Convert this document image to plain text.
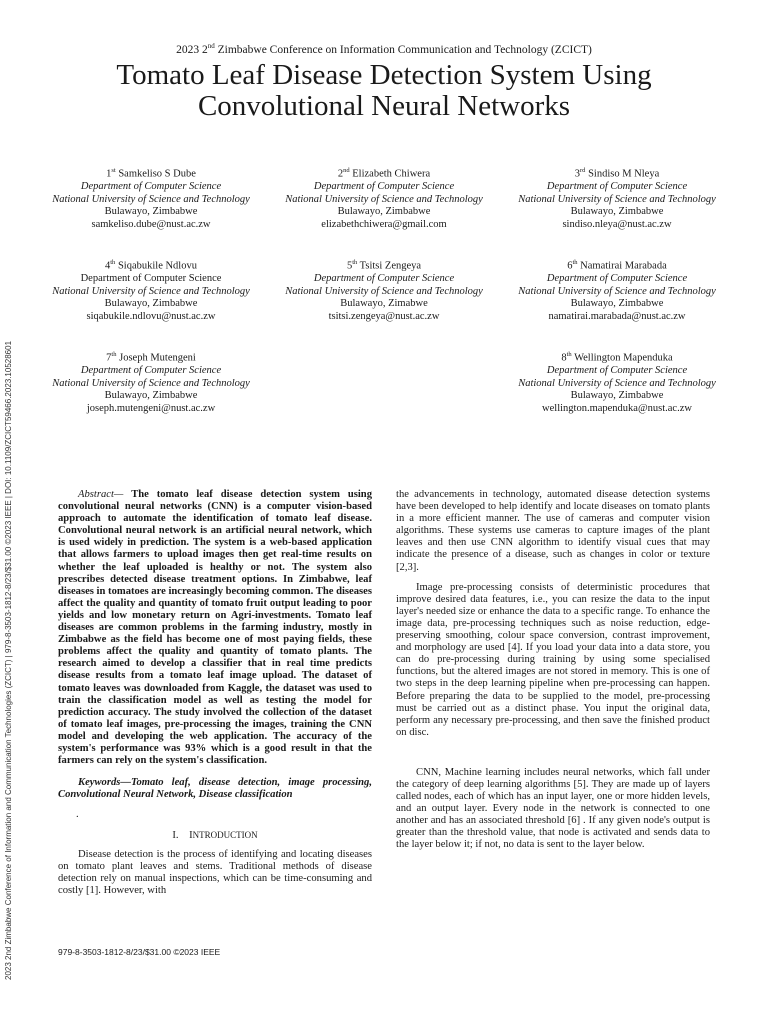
2023 2nd Zimbabwe Conference on Information Communication and Technology (ZCICT)
Tomato Leaf Disease Detection System Using Convolutional Neural Networks
2023 2nd Zimbabwe Conference of Information and Communication Technologies (ZCICT) | 979-8-3503-1812-8/23/$31.00 ©2023 IEEE | DOI: 10.1109/ZCICT59466.2023.10528601
1st Samkeliso S Dube
Department of Computer Science
National University of Science and Technology
Bulawayo, Zimbabwe
samkeliso.dube@nust.ac.zw
2nd Elizabeth Chiwera
Department of Computer Science
National University of Science and Technology
Bulawayo, Zimbabwe
elizabethchiwera@gmail.com
3rd Sindiso M Nleya
Department of Computer Science
National University of Science and Technology
Bulawayo, Zimbabwe
sindiso.nleya@nust.ac.zw
4th Siqabukile Ndlovu
Department of Computer Science
National University of Science and Technology
Bulawayo, Zimbabwe
siqabukile.ndlovu@nust.ac.zw
5th Tsitsi Zengeya
Department of Computer Science
National University of Science and Technology
Bulawayo, Zimabwe
tsitsi.zengeya@nust.ac.zw
6th Namatirai Marabada
Department of Computer Science
National University of Science and Technology
Bulawayo, Zimbabwe
namatirai.marabada@nust.ac.zw
7th Joseph Mutengeni
Department of Computer Science
National University of Science and Technology
Bulawayo, Zimbabwe
joseph.mutengeni@nust.ac.zw
8th Wellington Mapenduka
Department of Computer Science
National University of Science and Technology
Bulawayo, Zimbabwe
wellington.mapenduka@nust.ac.zw

Abstract— The tomato leaf disease detection system using convolutional neural networks (CNN) is a computer vision-based approach to automate the identification of tomato leaf disease. Convolutional neural network is an artificial neural network, which is used widely in prediction. The system is a web-based application that allows farmers to upload images then get real-time results on whether the leaf uploaded is healthy or not. The system also prescribes detected disease treatment options. In Zimbabwe, leaf diseases in tomatoes are increasingly becoming common. The diseases affect the quality and quantity of tomato fruit output leading to poor yields and low monetary return on Agri-investments. Tomato leaf diseases are common problems in the farming industry, mostly in Zimbabwe as the field has become one of most paying fields, these problems affect the quality and quantity of tomato plants. The research aimed to develop a classifier that in real time predicts disease results from a tomato leaf image upload. The dataset of tomato leaves was downloaded from Kaggle, the dataset was used to train the classification model as well as testing the model for prediction accuracy. The study involved the collection of the dataset of tomato leaf images, pre-processing the images, training the CNN model and developing the web application. The accuracy of the system's performance was 93% which is a good result in that the farmers can rely on the system's classification.

Keywords—Tomato leaf, disease detection, image processing, Convolutional Neural Network, Disease classification

.

I. INTRODUCTION

Disease detection is the process of identifying and locating diseases on tomato plant leaves and stems. Traditional methods of disease detection rely on manual inspections, which can be time-consuming and costly [1]. However, with

the advancements in technology, automated disease detection systems have been developed to help identify and locate diseases on tomato plants in a more efficient manner. The use of cameras and computer vision algorithms. These systems use cameras to capture images of the plant leaves and then use CNN algorithm to identify visual cues that may indicate the presence of a disease, such as changes in color or texture [2,3].

Image pre-processing consists of deterministic procedures that improve desired data features, i.e., you can resize the data to the input layer's needed size or enhance the data to a specific range. To enhance the image data, pre-processing techniques such as noise reduction, edge-preserving smoothing, colour space conversion, contrast improvement, and morphology are used [4]. If you load your data into a data store, you can do pre-processing during training by using some specialised functions, but the altered images are not stored in memory. This is one of two steps in the deep learning pipeline when pre-processing can happen. Before preparing the data to be supplied to the model, pre-processing must be carried out as a distinct phase. You input the original data, perform any necessary pre-processing, and then save the finished product on disc.

CNN, Machine learning includes neural networks, which fall under the category of deep learning algorithms [5]. They are made up of layers called nodes, each of which has an input layer, one or more hidden levels, and an output layer. Every node in the network is connected to one another and has an associated threshold [6] . If any given node's output is greater than the threshold value, that node is activated and sends data to the layer below it; if not, no data is sent to the layer below.

979-8-3503-1812-8/23/$31.00 ©2023 IEEE
